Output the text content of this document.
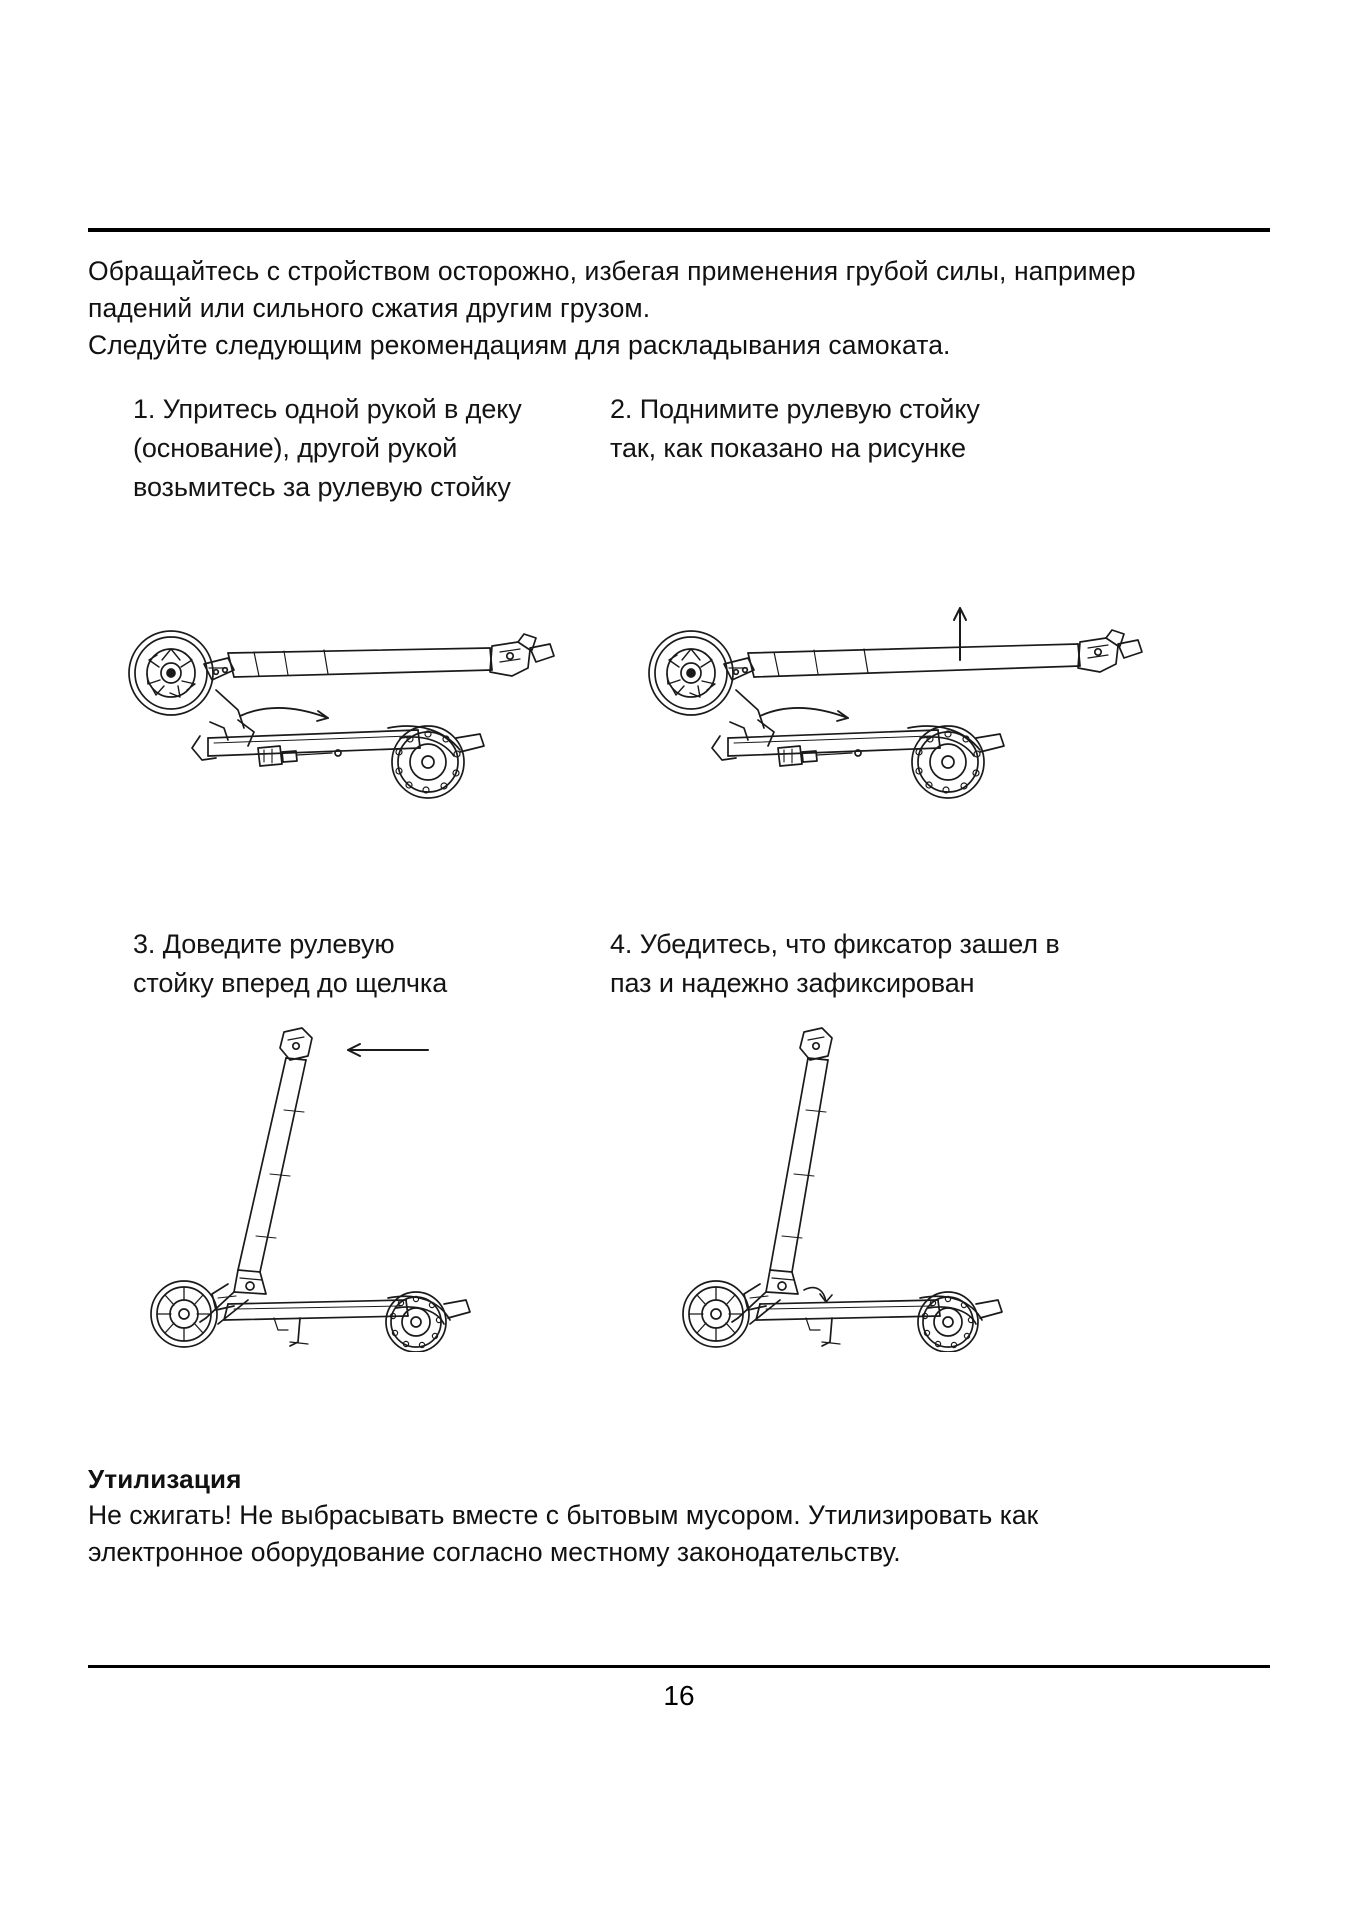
Обращайтесь с стройством осторожно, избегая применения грубой силы, например

падений или сильного сжатия другим грузом.

Следуйте следующим рекомендациям для раскладывания самоката.

1. Упритесь одной рукой в деку
(основание), другой рукой
возьмитесь за рулевую стойку
2. Поднимите рулевую стойку
так, как показано на рисунке
3. Доведите рулевую
стойку вперед до щелчка
4. Убедитесь, что фиксатор зашел в
паз и надежно зафиксирован
Утилизация

Не сжигать! Не выбрасывать вместе с бытовым мусором. Утилизировать как

электронное оборудование согласно местному законодательству.

16
